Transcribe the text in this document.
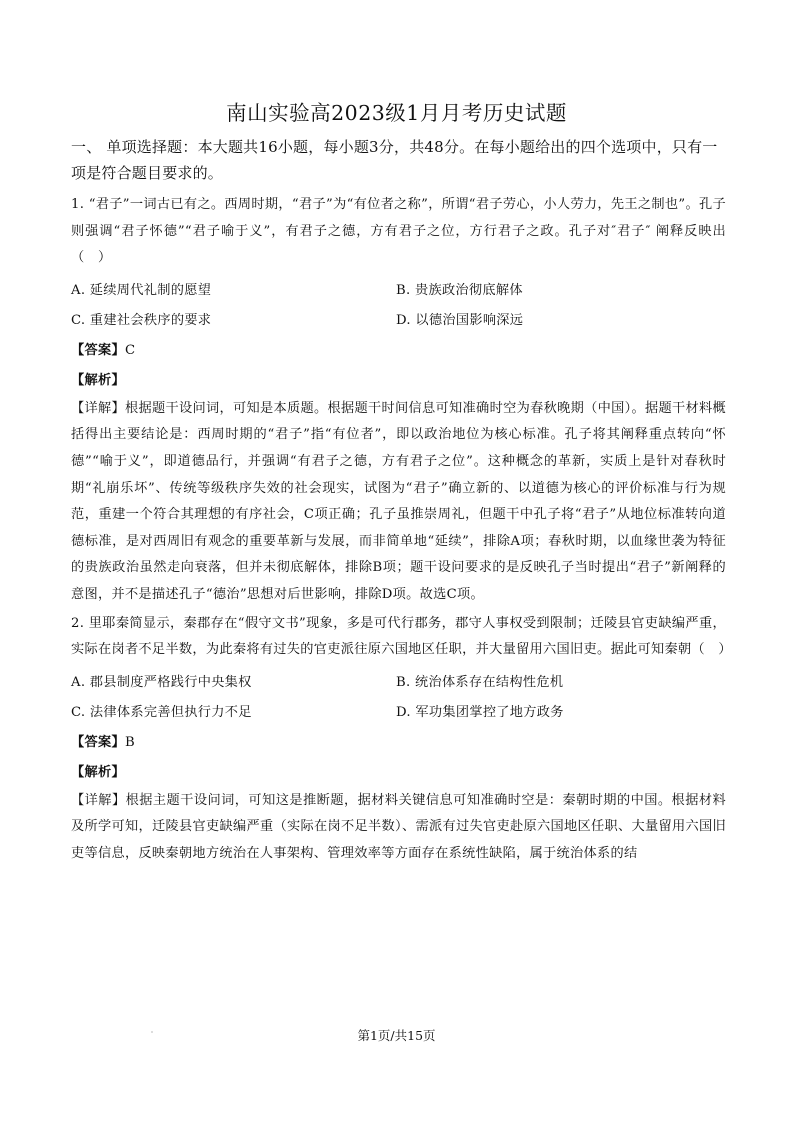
南山实验高2023级1月月考历史试题

一、 单项选择题：本大题共16小题，每小题3分，共48分。在每小题给出的四个选项中，只有一项是符合题目要求的。

1. “君子”一词古已有之。西周时期，“君子”为“有位者之称”，所谓“君子劳心，小人劳力，先王之制也”。孔子则强调“君子怀德”“君子喻于义”，有君子之德，方有君子之位，方行君子之政。孔子对″君子″ 阐释反映出（　）

A. 延续周代礼制的愿望	B. 贵族政治彻底解体
C. 重建社会秩序的要求	D. 以德治国影响深远
【答案】C
【解析】

【详解】根据题干设问词，可知是本质题。根据题干时间信息可知准确时空为春秋晚期（中国）。据题干材料概括得出主要结论是：西周时期的“君子”指“有位者”，即以政治地位为核心标准。孔子将其阐释重点转向“怀德”“喻于义”，即道德品行，并强调“有君子之德，方有君子之位”。这种概念的革新，实质上是针对春秋时期“礼崩乐坏”、传统等级秩序失效的社会现实，试图为“君子”确立新的、以道德为核心的评价标准与行为规范，重建一个符合其理想的有序社会，C项正确；孔子虽推崇周礼，但题干中孔子将“君子”从地位标准转向道德标准，是对西周旧有观念的重要革新与发展，而非简单地“延续”，排除A项；春秋时期，以血缘世袭为特征的贵族政治虽然走向衰落，但并未彻底解体，排除B项；题干设问要求的是反映孔子当时提出“君子”新阐释的意图，并不是描述孔子“德治”思想对后世影响，排除D项。故选C项。

2. 里耶秦简显示，秦郡存在“假守文书”现象，多是可代行郡务，郡守人事权受到限制；迁陵县官吏缺编严重，实际在岗者不足半数，为此秦将有过失的官吏派往原六国地区任职，并大量留用六国旧吏。据此可知秦朝（　）

A. 郡县制度严格践行中央集权	B. 统治体系存在结构性危机
C. 法律体系完善但执行力不足	D. 军功集团掌控了地方政务
【答案】B
【解析】

【详解】根据主题干设问词，可知这是推断题，据材料关键信息可知准确时空是：秦朝时期的中国。根据材料及所学可知，迁陵县官吏缺编严重（实际在岗不足半数）、需派有过失官吏赴原六国地区任职、大量留用六国旧吏等信息，反映秦朝地方统治在人事架构、管理效率等方面存在系统性缺陷，属于统治体系的结

第1页/共15页
